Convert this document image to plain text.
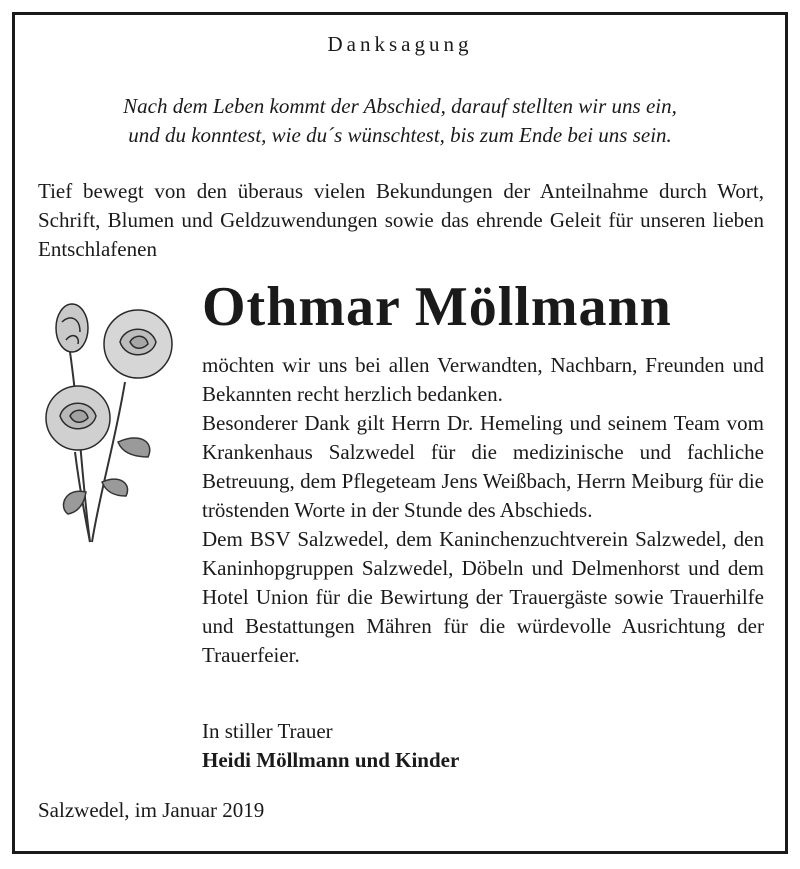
Danksagung
Nach dem Leben kommt der Abschied, darauf stellten wir uns ein,
und du konntest, wie du´s wünschtest, bis zum Ende bei uns sein.
Tief bewegt von den überaus vielen Bekundungen der Anteilnahme durch Wort, Schrift, Blumen und Geldzuwendungen sowie das ehrende Geleit für unseren lieben Entschlafenen
Othmar Möllmann

möchten wir uns bei allen Verwandten, Nachbarn, Freunden und Bekannten recht herzlich bedanken.

Besonderer Dank gilt Herrn Dr. Hemeling und seinem Team vom Krankenhaus Salzwedel für die medizinische und fachliche Betreuung, dem Pflegeteam Jens Weißbach, Herrn Meiburg für die tröstenden Worte in der Stunde des Abschieds.

Dem BSV Salzwedel, dem Kaninchenzuchtverein Salzwedel, den Kaninhopgruppen Salzwedel, Döbeln und Delmenhorst und dem Hotel Union für die Bewirtung der Trauergäste sowie Trauerhilfe und Bestattungen Mähren für die würdevolle Ausrichtung der Trauerfeier.

In stiller Trauer
Heidi Möllmann und Kinder
Salzwedel, im Januar 2019
